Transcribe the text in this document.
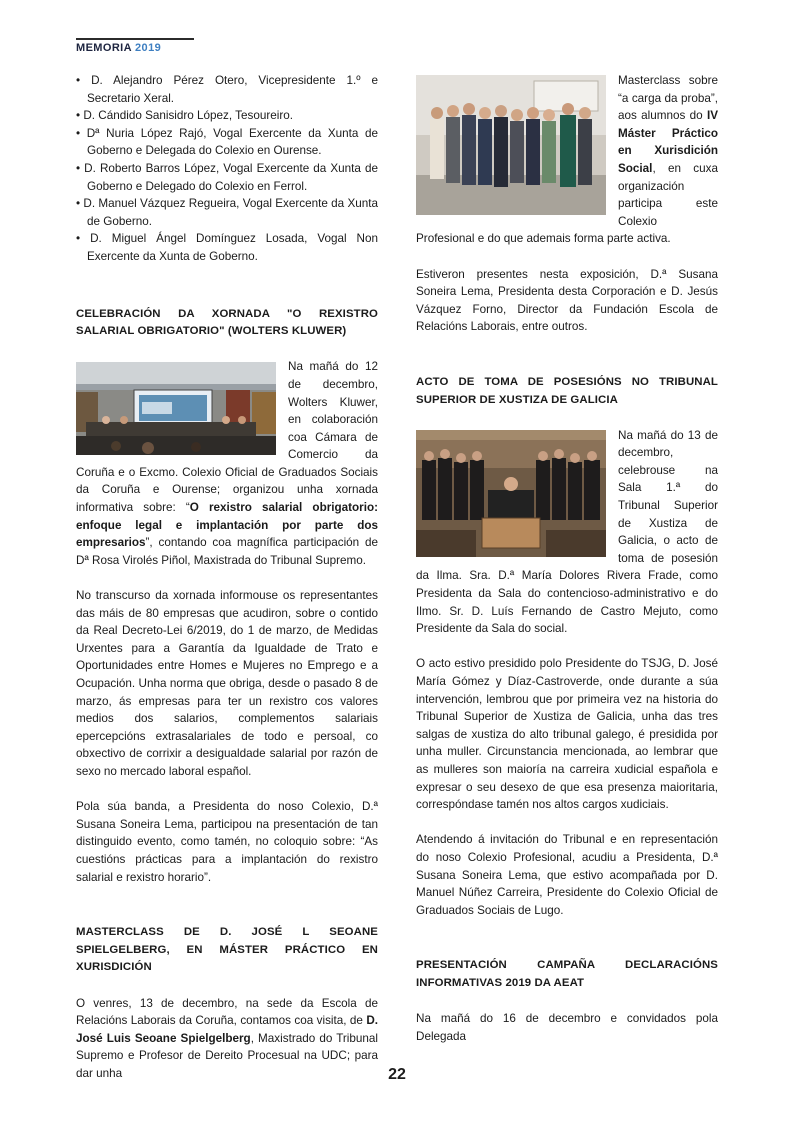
MEMORIA 2019
• D. Alejandro Pérez Otero, Vicepresidente 1.º e Secretario Xeral.
• D. Cándido Sanisidro López, Tesoureiro.
• Dª Nuria López Rajó, Vogal Exercente da Xunta de Goberno e Delegada do Colexio en Ourense.
• D. Roberto Barros López, Vogal Exercente da Xunta de Goberno e Delegado do Colexio en Ferrol.
• D. Manuel Vázquez Regueira, Vogal Exercente da Xunta de Goberno.
• D. Miguel Ángel Domínguez Losada, Vogal Non Exercente da Xunta de Goberno.
CELEBRACIÓN DA XORNADA "O REXISTRO SALARIAL OBRIGATORIO" (WOLTERS KLUWER)

Na mañá do 12 de decembro, Wolters Kluwer, en colaboración coa Cámara de Comercio da Coruña e o Excmo. Colexio Oficial de Graduados Sociais da Coruña e Ourense; organizou unha xornada informativa sobre: “O rexistro salarial obrigatorio: enfoque legal e implantación por parte dos empresarios”, contando coa magnífica participación de Dª Rosa Virolés Piñol, Maxistrada do Tribunal Supremo.

No transcurso da xornada informouse os representantes das máis de 80 empresas que acudiron, sobre o contido da Real Decreto-Lei 6/2019, do 1 de marzo, de Medidas Urxentes para a Garantía da Igualdade de Trato e Oportunidades entre Homes e Mujeres no Emprego e a Ocupación. Unha norma que obriga, desde o pasado 8 de marzo, ás empresas para ter un rexistro cos valores medios dos salarios, complementos salariais epercepcións extrasalariales de todo e persoal, co obxectivo de corrixir a desigualdade salarial por razón de sexo no mercado laboral español.

Pola súa banda, a Presidenta do noso Colexio, D.ª Susana Soneira Lema, participou na presentación de tan distinguido evento, como tamén, no coloquio sobre: “As cuestións prácticas para a implantación do rexistro salarial e rexistro horario”.

MASTERCLASS DE D. JOSÉ L SEOANE SPIELGELBERG, EN MÁSTER PRÁCTICO EN XURISDICIÓN

O venres, 13 de decembro, na sede da Escola de Relacións Laborais da Coruña, contamos coa visita, de D. José Luis Seoane Spielgelberg, Maxistrado do Tribunal Supremo e Profesor de Dereito Procesual na UDC; para dar unha

Masterclass sobre “a carga da proba”, aos alumnos do IV Máster Práctico en Xurisdición Social, en cuxa organización participa este Colexio Profesional e do que ademais forma parte activa.

Estiveron presentes nesta exposición, D.ª Susana Soneira Lema, Presidenta desta Corporación e D. Jesús Vázquez Forno, Director da Fundación Escola de Relacións Laborais, entre outros.

ACTO DE TOMA DE POSESIÓNS NO TRIBUNAL SUPERIOR DE XUSTIZA DE GALICIA

Na mañá do 13 de decembro, celebrouse na Sala 1.ª do Tribunal Superior de Xustiza de Galicia, o acto de toma de posesión da Ilma. Sra. D.ª María Dolores Rivera Frade, como Presidenta da Sala do contencioso-administrativo e do Ilmo. Sr. D. Luís Fernando de Castro Mejuto, como Presidente da Sala do social.

O acto estivo presidido polo Presidente do TSJG, D. José María Gómez y Díaz-Castroverde, onde durante a súa intervención, lembrou que por primeira vez na historia do Tribunal Superior de Xustiza de Galicia, unha das tres salgas de xustiza do alto tribunal galego, é presidida por unha muller. Circunstancia mencionada, ao lembrar que as mulleres son maioría na carreira xudicial española e expresar o seu desexo de que esa presenza maioritaria, correspóndase tamén nos altos cargos xudiciais.

Atendendo á invitación do Tribunal e en representación do noso Colexio Profesional, acudiu a Presidenta, D.ª Susana Soneira Lema, que estivo acompañada por D. Manuel Núñez Carreira, Presidente do Colexio Oficial de Graduados Sociais de Lugo.

PRESENTACIÓN CAMPAÑA DECLARACIÓNS INFORMATIVAS 2019 DA AEAT

Na mañá do 16 de decembro e convidados pola Delegada

22
